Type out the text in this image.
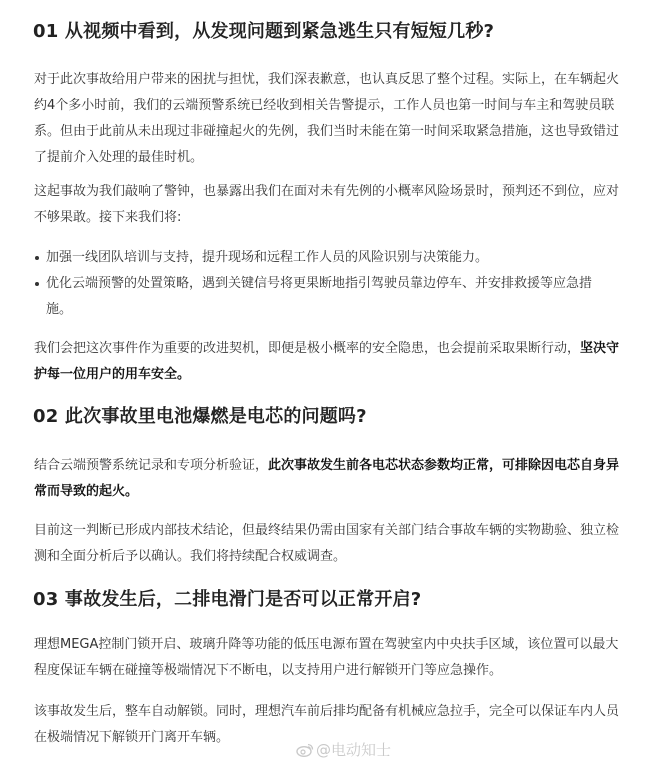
01 从视频中看到，从发现问题到紧急逃生只有短短几秒?

对于此次事故给用户带来的困扰与担忧，我们深表歉意，也认真反思了整个过程。实际上，在车辆起火约4个多小时前，我们的云端预警系统已经收到相关告警提示，工作人员也第一时间与车主和驾驶员联系。但由于此前从未出现过非碰撞起火的先例，我们当时未能在第一时间采取紧急措施，这也导致错过了提前介入处理的最佳时机。

这起事故为我们敲响了警钟，也暴露出我们在面对未有先例的小概率风险场景时，预判还不到位，应对不够果敢。接下来我们将:

加强一线团队培训与支持，提升现场和远程工作人员的风险识别与决策能力。
优化云端预警的处置策略，遇到关键信号将更果断地指引驾驶员靠边停车、并安排救援等应急措施。

我们会把这次事件作为重要的改进契机，即便是极小概率的安全隐患，也会提前采取果断行动，坚决守护每一位用户的用车安全。

02 此次事故里电池爆燃是电芯的问题吗?

结合云端预警系统记录和专项分析验证，此次事故发生前各电芯状态参数均正常，可排除因电芯自身异常而导致的起火。

目前这一判断已形成内部技术结论，但最终结果仍需由国家有关部门结合事故车辆的实物勘验、独立检测和全面分析后予以确认。我们将持续配合权威调查。

03 事故发生后，二排电滑门是否可以正常开启?

理想MEGA控制门锁开启、玻璃升降等功能的低压电源布置在驾驶室内中央扶手区域，该位置可以最大程度保证车辆在碰撞等极端情况下不断电，以支持用户进行解锁开门等应急操作。

该事故发生后，整车自动解锁。同时，理想汽车前后排均配备有机械应急拉手，完全可以保证车内人员在极端情况下解锁开门离开车辆。

@电动知士
